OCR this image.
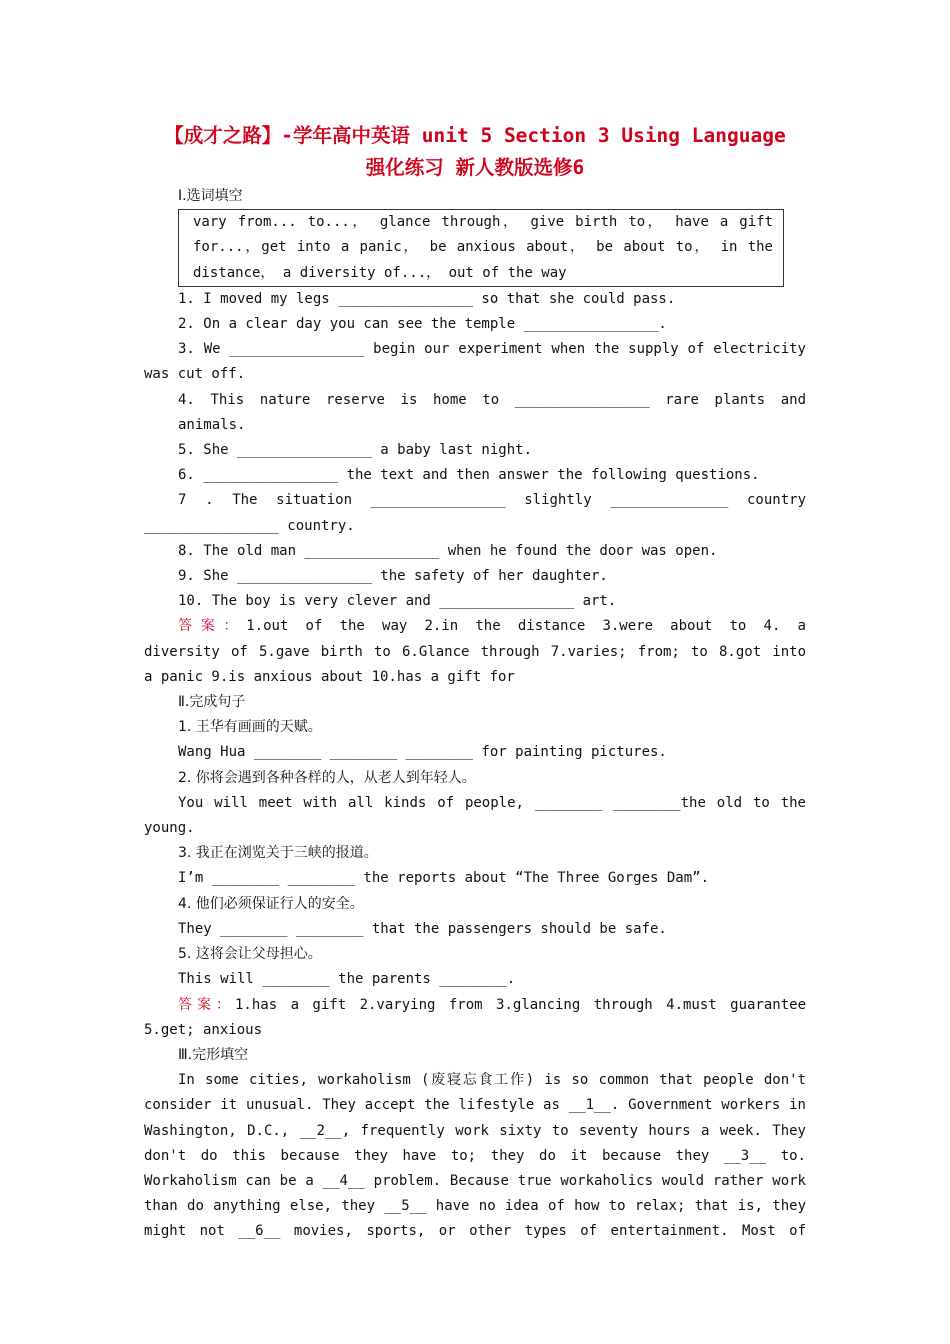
【成才之路】-学年高中英语 unit 5 Section 3 Using Language
强化练习 新人教版选修6
Ⅰ.选词填空
vary from... to...， glance through， give birth to， have a gift
for...，get into a panic， be anxious about， be about to， in the
distance， a diversity of...， out of the way
1. I moved my legs ________________ so that she could pass.
2. On a clear day you can see the temple ________________.
3. We ________________ begin our experiment when the supply of electricity
was cut off.
4. This nature reserve is home to ________________ rare plants and animals.
5. She ________________ a baby last night.
6. ________________ the text and then answer the following questions.
7 . The situation ________________ slightly ______________ country
________________ country.
8. The old man ________________ when he found the door was open.
9. She ________________ the safety of her daughter.
10. The boy is very clever and ________________ art.
答案：1.out of the way 2.in the distance 3.were about to 4. a
diversity of 5.gave birth to 6.Glance through 7.varies; from; to 8.got into
a panic 9.is anxious about 10.has a gift for
Ⅱ.完成句子
1. 王华有画画的天赋。
Wang Hua ________ ________ ________ for painting pictures.
2. 你将会遇到各种各样的人，从老人到年轻人。
You will meet with all kinds of people, ________ ________the old to the
young.
3. 我正在浏览关于三峡的报道。
I’m ________ ________ the reports about “The Three Gorges Dam”.
4. 他们必须保证行人的安全。
They ________ ________ that the passengers should be safe.
5. 这将会让父母担心。
This will ________ the parents ________.
答案：1.has a gift 2.varying from 3.glancing through 4.must guarantee
5.get; anxious
Ⅲ.完形填空
In some cities, workaholism (废寝忘食工作) is so common that people don't
consider it unusual. They accept the lifestyle as __1__. Government workers in
Washington, D.C., __2__, frequently work sixty to seventy hours a week. They
don't do this because they have to; they do it because they __3__ to.
Workaholism can be a __4__ problem. Because true workaholics would rather work
than do anything else, they __5__ have no idea of how to relax; that is, they
might not __6__ movies, sports, or other types of entertainment. Most of
